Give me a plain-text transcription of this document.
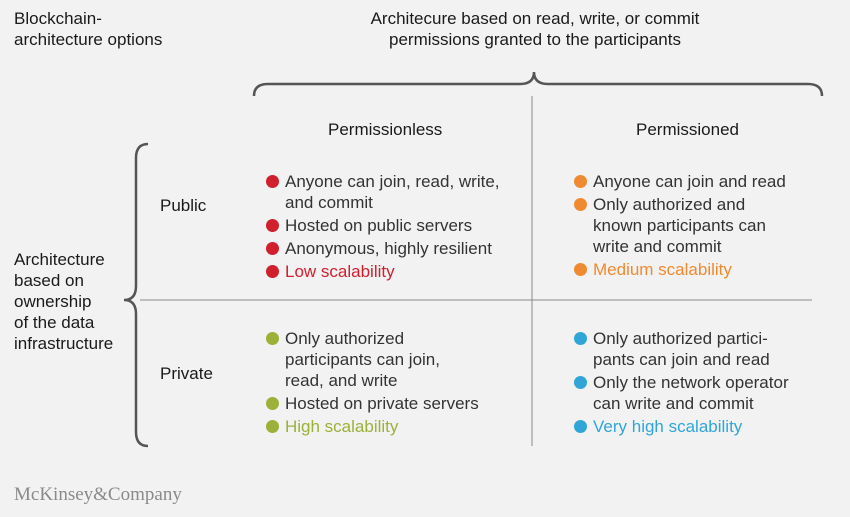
Blockchain-
architecture options
Architecure based on read, write, or commit
permissions granted to the participants
Permissionless	Permissioned
Public
Private
Architecture
based on
ownership
of the data
infrastructure
Anyone can join, read, write,
and commit
Hosted on public servers
Anonymous, highly resilient
Low scalability
Anyone can join and read
Only authorized and
known participants can
write and commit
Medium scalability
Only authorized
participants can join,
read, and write
Hosted on private servers
High scalability
Only authorized partici-
pants can join and read
Only the network operator
can write and commit
Very high scalability
McKinsey&Company
